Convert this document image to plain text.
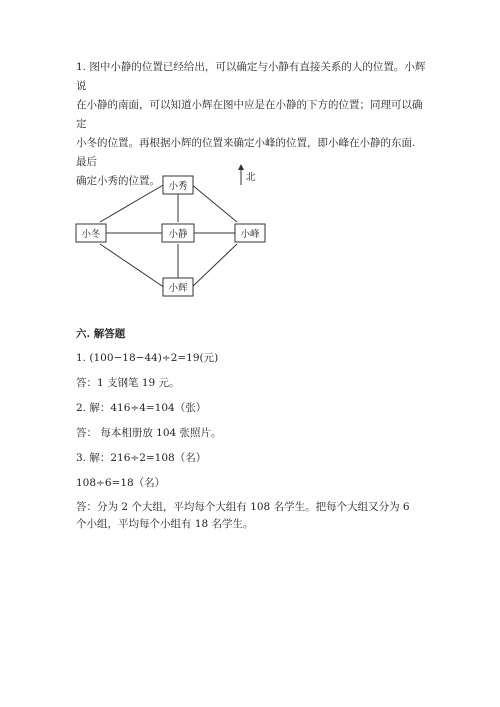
1. 图中小静的位置已经给出，可以确定与小静有直接关系的人的位置。小辉说

在小静的南面，可以知道小辉在图中应是在小静的下方的位置；同理可以确定

小冬的位置。再根据小辉的位置来确定小峰的位置，即小峰在小静的东面. 最后

确定小秀的位置。 小秀
小冬	小静	小峰
小辉
北
六. 解答题

1. (100−18−44)÷2=19(元)

答：1 支钢笔 19 元。

2. 解：416÷4=104（张）

答： 每本相册放 104 张照片。

3. 解：216÷2=108（名）

108÷6=18（名）

答：分为 2 个大组，平均每个大组有 108 名学生。把每个大组又分为 6 个小组，平均每个小组有 18 名学生。
